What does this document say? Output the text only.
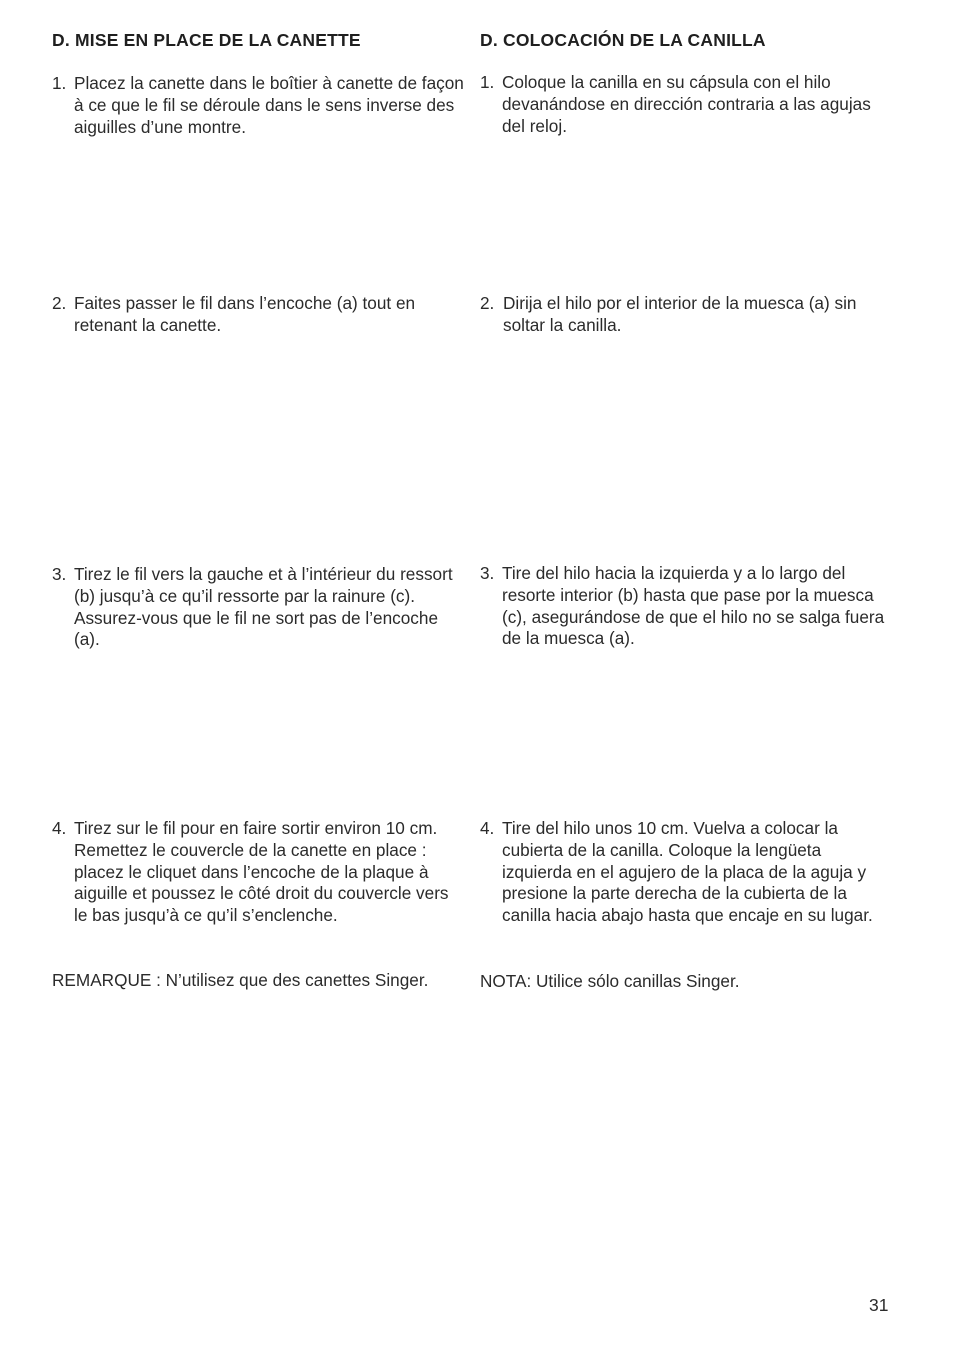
D. MISE EN PLACE DE LA CANETTE
1. Placez la canette dans le boîtier à canette de façon à ce que le fil se déroule dans le sens inverse des aiguilles d’une montre.
2. Faites passer le fil dans l’encoche (a) tout en retenant la canette.
3. Tirez le fil vers la gauche et à l’intérieur du ressort (b) jusqu’à ce qu’il ressorte par la rainure (c). Assurez-vous que le fil ne sort pas de l’encoche (a).
4. Tirez sur le fil pour en faire sortir environ 10 cm. Remettez le couvercle de la canette en place : placez le cliquet dans l’encoche de la plaque à aiguille et poussez le côté droit du couvercle vers le bas jusqu’à ce qu’il s’enclenche.
REMARQUE : N’utilisez que des canettes Singer.
D. COLOCACIÓN DE LA CANILLA
1. Coloque la canilla en su cápsula con el hilo devanándose en dirección contraria a las agujas del reloj.
2. Dirija el hilo por el interior de la muesca (a) sin soltar la canilla.
3. Tire del hilo hacia la izquierda y a lo largo del resorte interior (b) hasta que pase por la muesca (c), asegurándose de que el hilo no se salga fuera de la muesca (a).
4. Tire del hilo unos 10 cm. Vuelva a colocar la cubierta de la canilla. Coloque la lengüeta izquierda en el agujero de la placa de la aguja y presione la parte derecha de la cubierta de la canilla hacia abajo hasta que encaje en su lugar.
NOTA: Utilice sólo canillas Singer.
31
